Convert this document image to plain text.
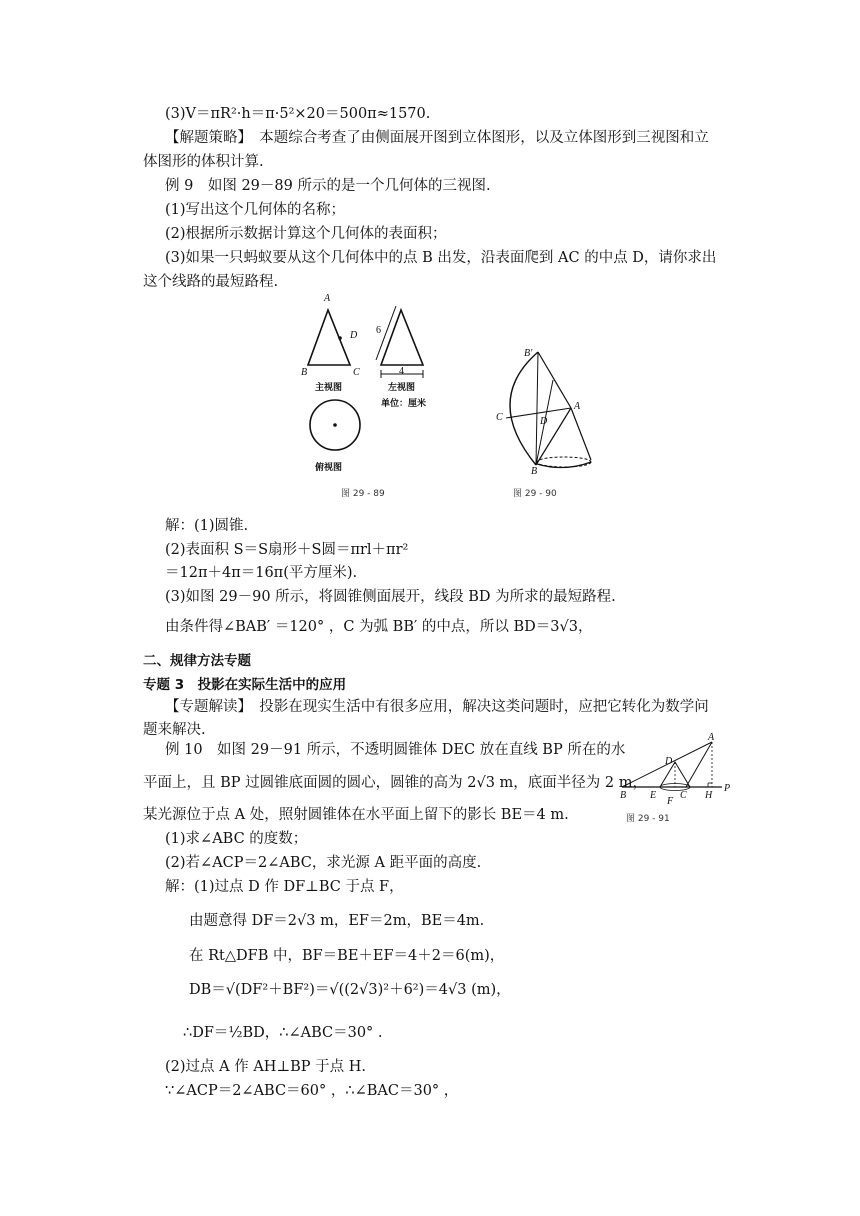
(3)V＝πR²·h＝π·5²×20＝500π≈1570.
【解题策略】　本题综合考查了由侧面展开图到立体图形，以及立体图形到三视图和立
体图形的体积计算.
例 9　如图 29－89 所示的是一个几何体的三视图.
(1)写出这个几何体的名称；
(2)根据所示数据计算这个几何体的表面积；
(3)如果一只蚂蚁要从这个几何体中的点 B 出发，沿表面爬到 AC 的中点 D，请你求出
这个线路的最短路程.
A
D
B	C
6
4
主视图	左视图
单位：厘米
俯视图
图 29 - 89
B′
A
C	D
B
图 29 - 90
解：(1)圆锥.
(2)表面积 S＝S扇形＋S圆＝πrl＋πr²
＝12π＋4π＝16π(平方厘米).
(3)如图 29－90 所示，将圆锥侧面展开，线段 BD 为所求的最短路程.
由条件得∠BAB′ ＝120° ，C 为弧 BB′ 的中点，所以 BD＝3√3，
二、规律方法专题
专题 3　投影在实际生活中的应用
【专题解读】　投影在现实生活中有很多应用，解决这类问题时，应把它转化为数学问
题来解决.	A
D
B E
F
C H
P
图 29 - 91
例 10　如图 29－91 所示，不透明圆锥体 DEC 放在直线 BP 所在的水
平面上，且 BP 过圆锥底面圆的圆心，圆锥的高为 2√3 m，底面半径为 2 m，
某光源位于点 A 处，照射圆锥体在水平面上留下的影长 BE＝4 m.
(1)求∠ABC 的度数；
(2)若∠ACP＝2∠ABC，求光源 A 距平面的高度.
解：(1)过点 D 作 DF⊥BC 于点 F，
由题意得 DF＝2√3 m，EF＝2m，BE＝4m.
在 Rt△DFB 中，BF＝BE＋EF＝4＋2＝6(m)，
DB＝√(DF²＋BF²)＝√((2√3)²＋6²)＝4√3 (m)，
∴DF＝½BD，∴∠ABC＝30° .
(2)过点 A 作 AH⊥BP 于点 H.
∵∠ACP＝2∠ABC＝60° ，∴∠BAC＝30° ，
